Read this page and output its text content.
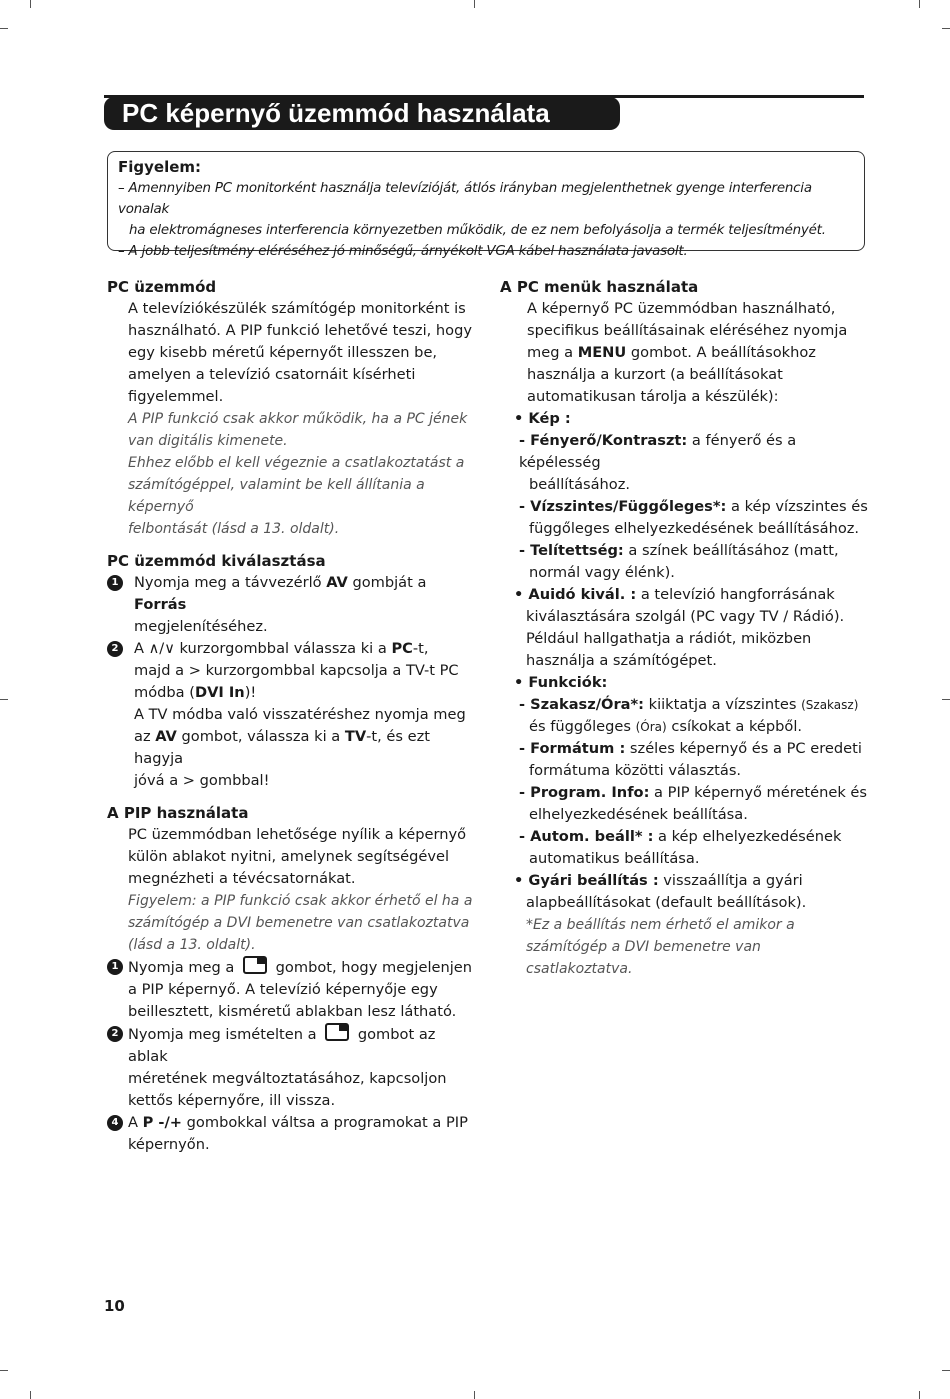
PC képernyő üzemmód használata

Figyelem:

– Amennyiben PC monitorként használja televízióját, átlós irányban megjelenthetnek gyenge interferencia vonalak

ha elektromágneses interferencia környezetben működik, de ez nem befolyásolja a termék teljesítményét.

– A jobb teljesítmény eléréséhez jó minőségű, árnyékolt VGA kábel használata javasolt.

PC üzemmód

A televíziókészülék számítógép monitorként is

használható. A PIP funkció lehetővé teszi, hogy

egy kisebb méretű képernyőt illesszen be,

amelyen a televízió csatornáit kísérheti

figyelemmel.

A PIP funkció csak akkor működik, ha a PC jének

van digitális kimenete.

Ehhez előbb el kell végeznie a csatlakoztatást a

számítógéppel, valamint be kell állítania a képernyő

felbontását (lásd a 13. oldalt).

PC üzemmód kiválasztása
1	Nyomja meg a távvezérlő AV gombját a Forrás

megjelenítéséhez.

2	A ∧/∨ kurzorgombbal válassza ki a PC-t,

majd a > kurzorgombbal kapcsolja a TV-t PC

módba (DVI In)!

A TV módba való visszatéréshez nyomja meg

az AV gombot, válassza ki a TV-t, és ezt hagyja

jóvá a > gombbal!

A PIP használata

PC üzemmódban lehetősége nyílik a képernyő

külön ablakot nyitni, amelynek segítségével

megnézheti a tévécsatornákat.

Figyelem: a PIP funkció csak akkor érhető el ha a

számítógép a DVI bemenetre van csatlakoztatva

(lásd a 13. oldalt).

1 Nyomja meg a  gombot, hogy megjelenjen

a PIP képernyő. A televízió képernyője egy

beillesztett, kisméretű ablakban lesz látható.

2 Nyomja meg ismételten a  gombot az ablak

méretének megváltoztatásához, kapcsoljon

kettős képernyőre, ill vissza.

4 A P -/+ gombokkal váltsa a programokat a PIP

képernyőn.

A PC menük használata

A képernyő PC üzemmódban használható,

specifikus beállításainak eléréséhez nyomja

meg a MENU gombot. A beállításokhoz

használja a kurzort (a beállításokat

automatikusan tárolja a készülék):

• Kép :

- Fényerő/Kontraszt: a fényerő és a képélesség

beállításához.

- Vízszintes/Függőleges*: a kép vízszintes és

függőleges elhelyezkedésének beállításához.

- Telítettség: a színek beállításához (matt,

normál vagy élénk).

• Auidó kivál. : a televízió hangforrásának

kiválasztására szolgál (PC vagy TV / Rádió).

Például hallgathatja a rádiót, miközben

használja a számítógépet.

• Funkciók:

- Szakasz/Óra*: kiiktatja a vízszintes (Szakasz)

és függőleges (Óra) csíkokat a képből.

- Formátum : széles képernyő és a PC eredeti

formátuma közötti választás.

- Program. Info: a PIP képernyő méretének és

elhelyezkedésének beállítása.

- Autom. beáll* : a kép elhelyezkedésének

automatikus beállítása.

• Gyári beállítás : visszaállítja a gyári

alapbeállításokat (default beállítások).

*Ez a beállítás nem érhető el amikor a

számítógép a DVI bemenetre van csatlakoztatva.

10
